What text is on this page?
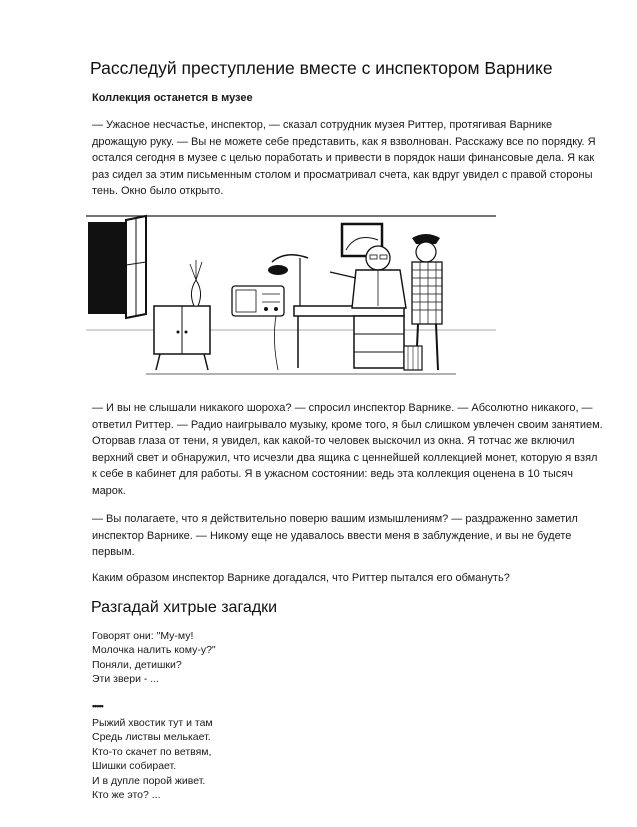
Расследуй преступление вместе с инспектором Варнике

Коллекция останется в музее

— Ужасное несчастье, инспектор, — сказал сотрудник музея Риттер, протягивая Варнике
дрожащую руку. — Вы не можете себе представить, как я взволнован. Расскажу все по порядку. Я
остался сегодня в музее с целью поработать и привести в порядок наши финансовые дела. Я как
раз сидел за этим письменным столом и просматривал счета, как вдруг увидел с правой стороны
тень. Окно было открыто.

— И вы не слышали никакого шороха? — спросил инспектор Варнике. — Абсолютно никакого, —
ответил Риттер. — Радио наигрывало музыку, кроме того, я был слишком увлечен своим занятием.
Оторвав глаза от тени, я увидел, как какой-то человек выскочил из окна. Я тотчас же включил
верхний свет и обнаружил, что исчезли два ящика с ценнейшей коллекцией монет, которую я взял
к себе в кабинет для работы. Я в ужасном состоянии: ведь эта коллекция оценена в 10 тысяч
марок.

— Вы полагаете, что я действительно поверю вашим измышлениям? — раздраженно заметил
инспектор Варнике. — Никому еще не удавалось ввести меня в заблуждение, и вы не будете
первым.

Каким образом инспектор Варнике догадался, что Риттер пытался его обмануть?

Разгадай хитрые загадки

Говорят они: "Му-му!
Молочка налить кому-у?"
Поняли, детишки?
Эти звери - ...

•••••

Рыжий хвостик тут и там
Средь листвы мелькает.
Кто-то скачет по ветвям,
Шишки собирает.
И в дупле порой живет.
Кто же это? ...
